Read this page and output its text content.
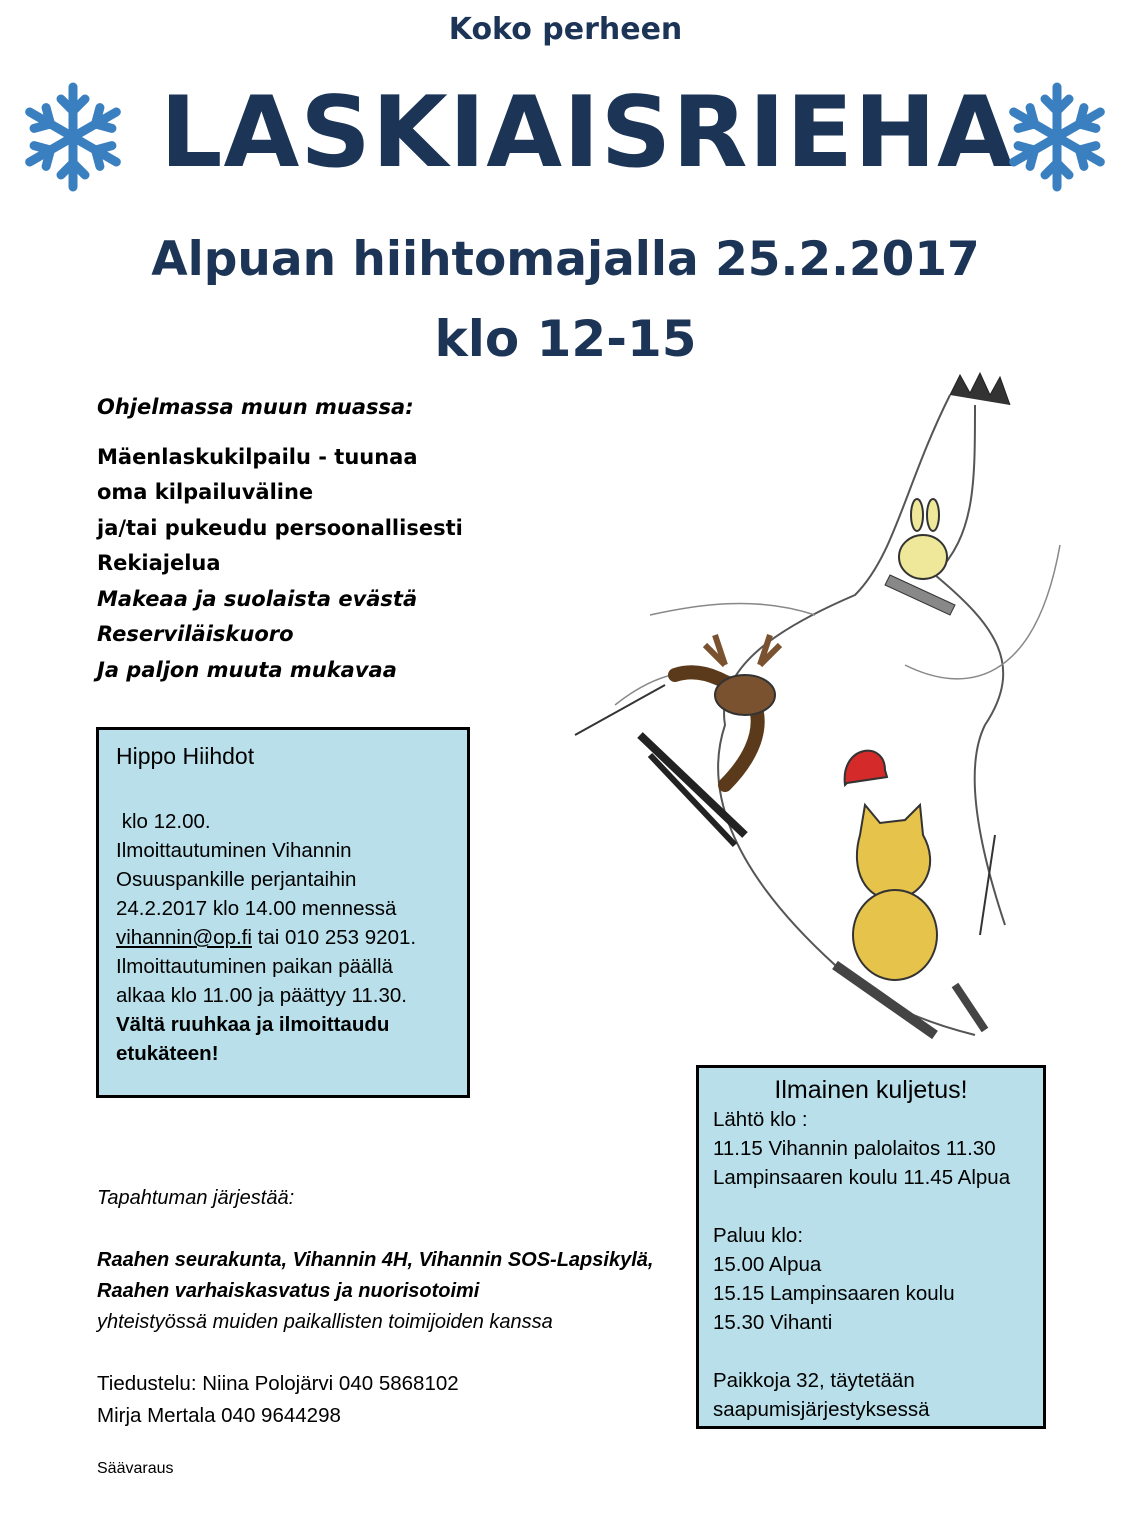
Koko perheen
LASKIAISRIEHA
Alpuan hiihtomajalla 25.2.2017
klo 12-15
Ohjelmassa muun muassa:
Mäenlaskukilpailu - tuunaa
oma kilpailuväline
ja/tai pukeudu persoonallisesti
Rekiajelua
Makeaa ja suolaista evästä
Reserviläiskuoro
Ja paljon muuta mukavaa
Hippo Hiihdot
klo 12.00.
Ilmoittautuminen Vihannin
Osuuspankille perjantaihin
24.2.2017 klo 14.00 mennessä
vihannin@op.fi tai 010 253 9201.
Ilmoittautuminen paikan päällä
alkaa klo 11.00 ja päättyy 11.30.
Vältä ruuhkaa ja ilmoittaudu
etukäteen!
Ilmainen kuljetus!
Lähtö klo :
11.15 Vihannin palolaitos 11.30
Lampinsaaren koulu 11.45 Alpua
Paluu klo:
15.00 Alpua
15.15 Lampinsaaren koulu
15.30 Vihanti
Paikkoja 32, täytetään
saapumisjärjestyksessä
Tapahtuman järjestää:
Raahen seurakunta, Vihannin 4H, Vihannin SOS-Lapsikylä,
Raahen varhaiskasvatus ja nuorisotoimi
yhteistyössä muiden paikallisten toimijoiden kanssa
Tiedustelu: Niina Polojärvi 040 5868102
Mirja Mertala 040 9644298
Säävaraus
